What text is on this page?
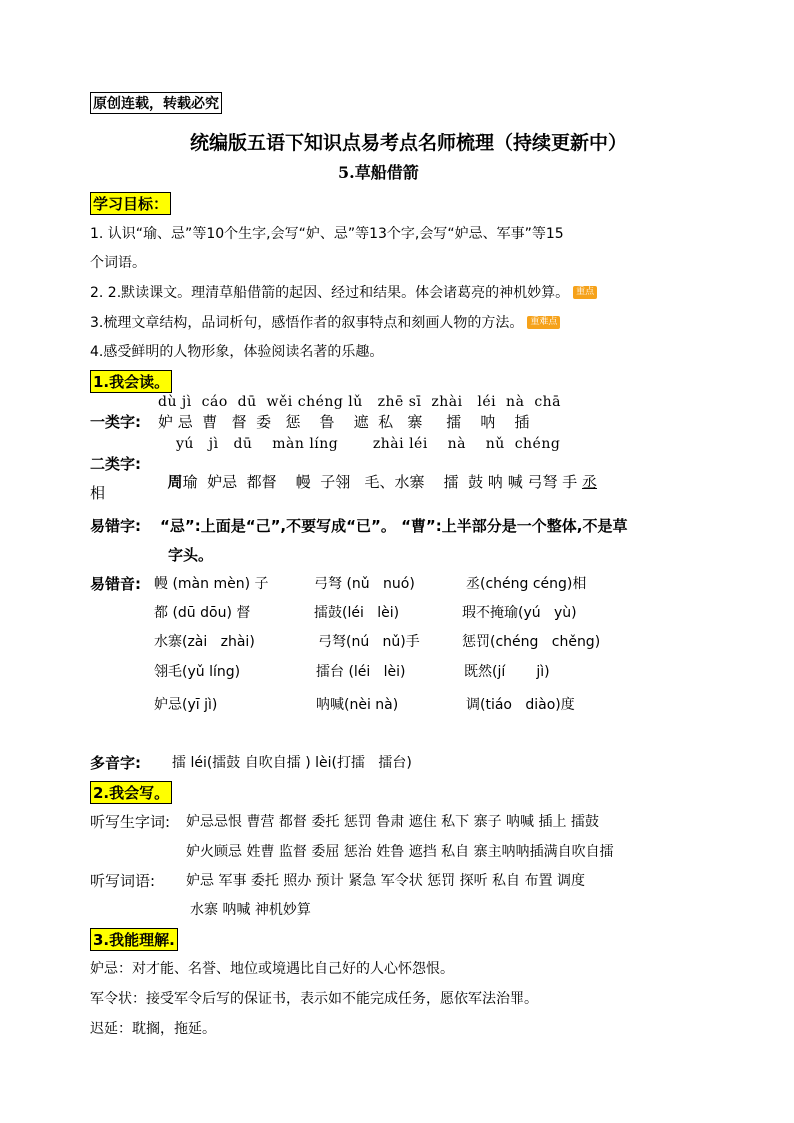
原创连载，转载必究
统编版五语下知识点易考点名师梳理（持续更新中）
5.草船借箭
学习目标：
1. 认识“瑜、忌”等10个生字,会写“妒、忌”等13个字,会写“妒忌、军事”等15
个词语。
2. 2.默读课文。理清草船借箭的起因、经过和结果。体会诸葛亮的神机妙算。 重点
3.梳理文章结构，品词析句，感悟作者的叙事特点和刻画人物的方法。 重难点
4.感受鲜明的人物形象，体验阅读名著的乐趣。
1.我会读。
dù jì  cáo  dū  wěi chéng lǔ   zhē sī  zhài   léi  nà  chā
一类字: 妒 忌  曹   督  委   惩    鲁    遮  私   寨     擂    呐    插
yú   jì   dū    màn líng       zhài léi    nà    nǔ  chéng
二类字:

周瑜  妒忌  都督    幔  子翎   毛、水寨    擂  鼓 呐 喊 弓弩 手 丞

相
易错字: “忌”:上面是“己”,不要写成“已”。 “曹”:上半部分是一个整体,不是草
字头。
易错音: 幔 (màn mèn) 子	弓弩 (nǔ   nuó)	丞(chéng céng)相
都 (dū dōu) 督	擂鼓(léi   lèi)	瑕不掩瑜(yú   yù)
水寨(zài   zhài)	弓弩(nú   nǔ)手	惩罚(chéng   chěng)
翎毛(yǔ líng)	擂台 (léi   lèi)	既然(jí       jì)
妒忌(yī jì)	呐喊(nèi nà)	调(tiáo   diào)度
多音字: 擂 léi(擂鼓 自吹自擂 ) lèi(打擂   擂台)
2.我会写。
听写生字词: 妒忌忌恨 曹营 都督 委托 惩罚 鲁肃 遮住 私下 寨子 呐喊 插上 擂鼓
妒火顾忌 姓曹 监督 委屈 惩治 姓鲁 遮挡 私自 寨主呐呐插满自吹自擂
听写词语: 妒忌 军事 委托 照办 预计 紧急 军令状 惩罚 探听 私自 布置 调度
水寨 呐喊 神机妙算
3.我能理解.
妒忌：对才能、名誉、地位或境遇比自己好的人心怀怨恨。
军令状：接受军令后写的保证书，表示如不能完成任务，愿依军法治罪。
迟延：耽搁，拖延。
